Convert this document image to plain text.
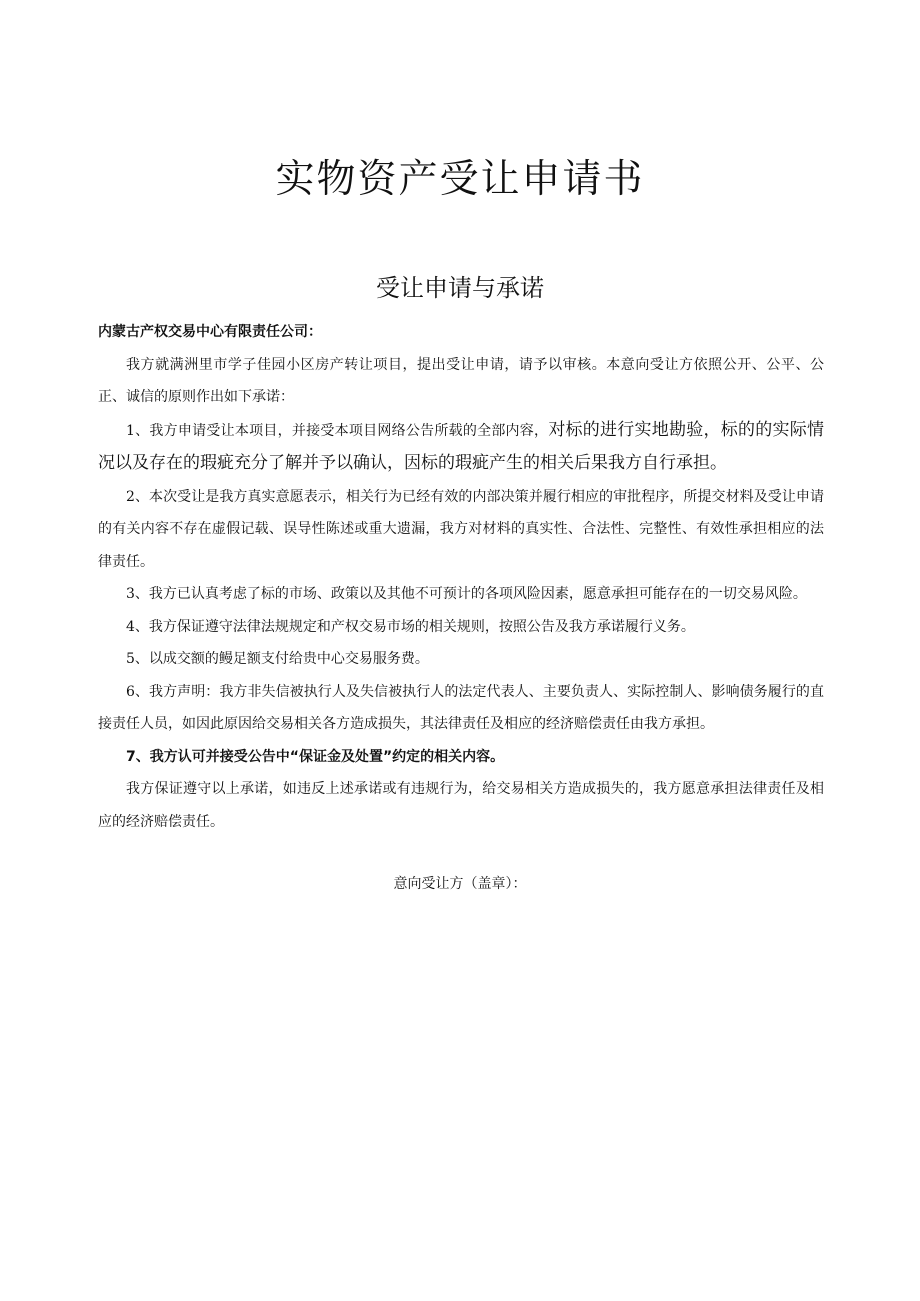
实物资产受让申请书
受让申请与承诺

内蒙古产权交易中心有限责任公司：

我方就满洲里市学子佳园小区房产转让项目，提出受让申请，请予以审核。本意向受让方依照公开、公平、公正、诚信的原则作出如下承诺：

1、我方申请受让本项目，并接受本项目网络公告所载的全部内容，对标的进行实地勘验，标的的实际情况以及存在的瑕疵充分了解并予以确认，因标的瑕疵产生的相关后果我方自行承担。

2、本次受让是我方真实意愿表示，相关行为已经有效的内部决策并履行相应的审批程序，所提交材料及受让申请的有关内容不存在虚假记载、误导性陈述或重大遗漏，我方对材料的真实性、合法性、完整性、有效性承担相应的法律责任。

3、我方已认真考虑了标的市场、政策以及其他不可预计的各项风险因素，愿意承担可能存在的一切交易风险。

4、我方保证遵守法律法规规定和产权交易市场的相关规则，按照公告及我方承诺履行义务。

5、以成交额的鳗足额支付给贵中心交易服务费。

6、我方声明：我方非失信被执行人及失信被执行人的法定代表人、主要负责人、实际控制人、影响债务履行的直接责任人员，如因此原因给交易相关各方造成损失，其法律责任及相应的经济赔偿责任由我方承担。

7、我方认可并接受公告中“保证金及处置”约定的相关内容。

我方保证遵守以上承诺，如违反上述承诺或有违规行为，给交易相关方造成损失的，我方愿意承担法律责任及相应的经济赔偿责任。

意向受让方（盖章）：
